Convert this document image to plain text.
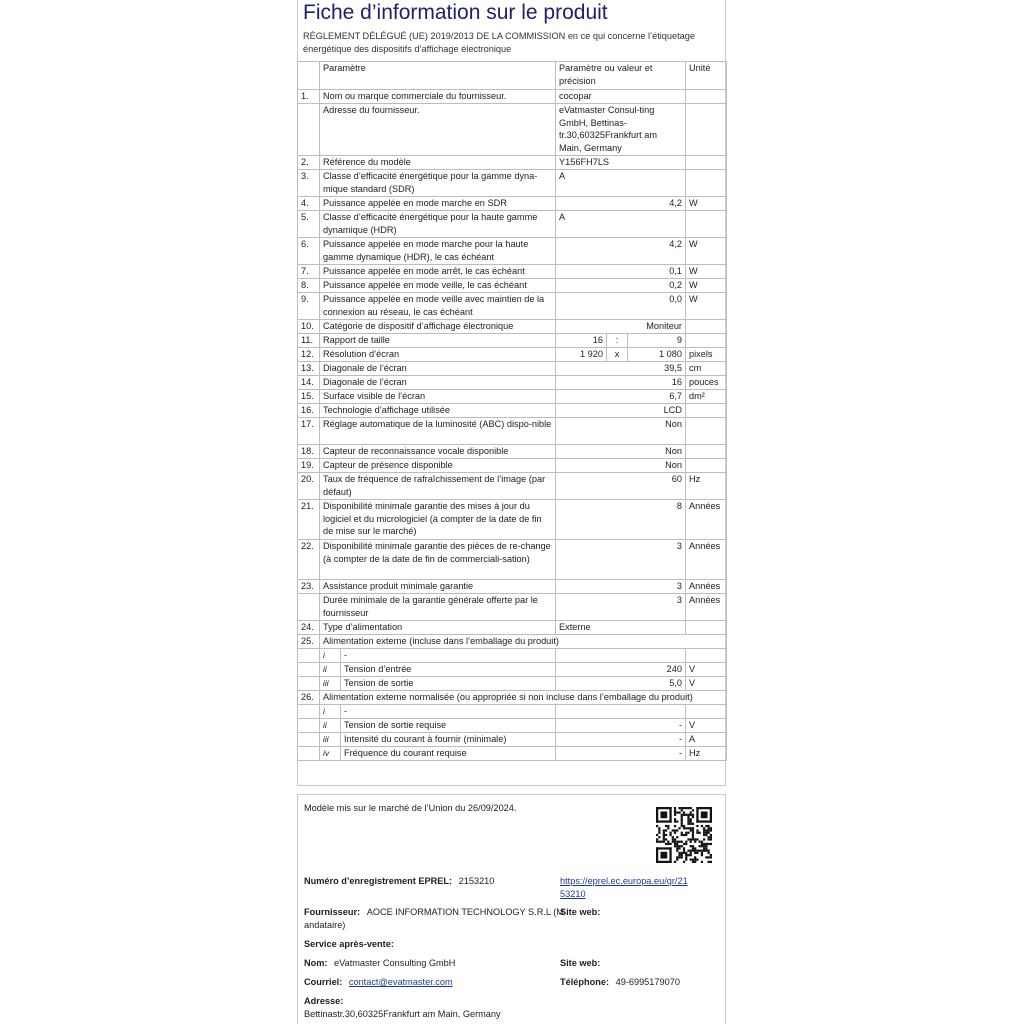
Fiche d’information sur le produit
RÈGLEMENT DÉLÉGUÉ (UE) 2019/2013 DE LA COMMISSION en ce qui concerne l’étiquetage énergétique des dispositifs d’affichage électronique
	Paramètre		Paramètre ou valeur et précision			Unité
1.	Nom ou marque commerciale du fournisseur.		cocopar			
	Adresse du fournisseur.		eVatmaster Consul-ting GmbH, Bettinas-tr.30,60325Frankfurt am Main, Germany			
2.	Référence du modèle		Y156FH7LS			
3.	Classe d’efficacité énergétique pour la gamme dyna-mique standard (SDR)		A			
4.	Puissance appelée en mode marche en SDR		4,2			W
5.	Classe d’efficacité énergétique pour la haute gamme dynamique (HDR)		A			
6.	Puissance appelée en mode marche pour la haute gamme dynamique (HDR), le cas échéant		4,2			W
7.	Puissance appelée en mode arrêt, le cas échéant		0,1			W
8.	Puissance appelée en mode veille, le cas échéant		0,2			W
9.	Puissance appelée en mode veille avec maintien de la connexion au réseau, le cas échéant		0,0			W
10.	Catégorie de dispositif d’affichage électronique		Moniteur			
11.	Rapport de taille		16	:	9	
12.	Résolution d’écran		1 920	x	1 080	pixels
13.	Diagonale de l’écran		39,5			cm
14.	Diagonale de l’écran		16			pouces
15.	Surface visible de l’écran		6,7			dm²
16.	Technologie d’affichage utilisée		LCD			
17.	Réglage automatique de la luminosité (ABC) dispo-nible		Non			
18.	Capteur de reconnaissance vocale disponible		Non			
19.	Capteur de présence disponible		Non			
20.	Taux de fréquence de rafraîchissement de l’image (par défaut)		60			Hz
21.	Disponibilité minimale garantie des mises à jour du logiciel et du micrologiciel (à compter de la date de fin de mise sur le marché)		8			Années
22.	Disponibilité minimale garantie des pièces de re-change (à compter de la date de fin de commerciali-sation)		3			Années
23.	Assistance produit minimale garantie		3			Années
	Durée minimale de la garantie générale offerte par le fournisseur		3			Années
24.	Type d’alimentation		Externe			
25.	Alimentation externe (incluse dans l’emballage du produit)					
	i	-				
	ii	Tension d’entrée	240			V
	iii	Tension de sortie	5,0			V
26.	Alimentation externe normalisée (ou appropriée si non incluse dans l’emballage du produit)					
	i	-				
	ii	Tension de sortie requise	-			V
	iii	Intensité du courant à fournir (minimale)	-			A
	iv	Fréquence du courant requise	-			Hz
Modèle mis sur le marché de l’Union du 26/09/2024.
Numéro d’enregistrement EPREL: 2153210	https://eprel.ec.europa.eu/qr/21
53210
Fournisseur: AOCE INFORMATION TECHNOLOGY S.R.L (M
andataire)
Site web:
Service après-vente:
Nom: eVatmaster Consulting GmbH	Site web:
Courriel: contact@evatmaster.com	Téléphone: 49-6995179070
Adresse:
Bettinastr.30,60325Frankfurt am Main, Germany
